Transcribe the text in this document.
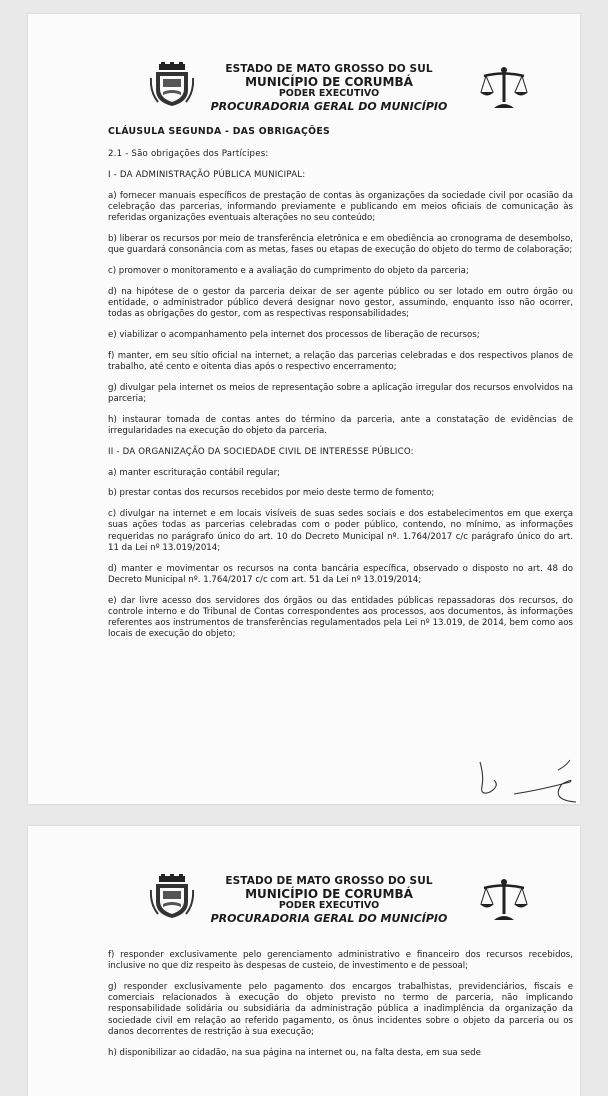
ESTADO DE MATO GROSSO DO SUL
MUNICÍPIO DE CORUMBÁ
PODER EXECUTIVO
PROCURADORIA GERAL DO MUNICÍPIO
CLÁUSULA SEGUNDA - DAS OBRIGAÇÕES
2.1 - São obrigações dos Partícipes:
I - DA ADMINISTRAÇÃO PÚBLICA MUNICIPAL:

a) fornecer manuais específicos de prestação de contas às organizações da sociedade civil por ocasião da celebração das parcerias, informando previamente e publicando em meios oficiais de comunicação às referidas organizações eventuais alterações no seu conteúdo;

b) liberar os recursos por meio de transferência eletrônica e em obediência ao cronograma de desembolso, que guardará consonância com as metas, fases ou etapas de execução do objeto do termo de colaboração;

c) promover o monitoramento e a avaliação do cumprimento do objeto da parceria;

d) na hipótese de o gestor da parceria deixar de ser agente público ou ser lotado em outro órgão ou entidade, o administrador público deverá designar novo gestor, assumindo, enquanto isso não ocorrer, todas as obrigações do gestor, com as respectivas responsabilidades;

e) viabilizar o acompanhamento pela internet dos processos de liberação de recursos;

f) manter, em seu sítio oficial na internet, a relação das parcerias celebradas e dos respectivos planos de trabalho, até cento e oitenta dias após o respectivo encerramento;

g) divulgar pela internet os meios de representação sobre a aplicação irregular dos recursos envolvidos na parceria;

h) instaurar tomada de contas antes do término da parceria, ante a constatação de evidências de irregularidades na execução do objeto da parceria.

II - DA ORGANIZAÇÃO DA SOCIEDADE CIVIL DE INTERESSE PÚBLICO:

a) manter escrituração contábil regular;

b) prestar contas dos recursos recebidos por meio deste termo de fomento;

c) divulgar na internet e em locais visíveis de suas sedes sociais e dos estabelecimentos em que exerça suas ações todas as parcerias celebradas com o poder público, contendo, no mínimo, as informações requeridas no parágrafo único do art. 10 do Decreto Municipal nº. 1.764/2017 c/c parágrafo único do art. 11 da Lei nº 13.019/2014;

d) manter e movimentar os recursos na conta bancária específica, observado o disposto no art. 48 do Decreto Municipal nº. 1.764/2017 c/c com art. 51 da Lei nº 13.019/2014;

e) dar livre acesso dos servidores dos órgãos ou das entidades públicas repassadoras dos recursos, do controle interno e do Tribunal de Contas correspondentes aos processos, aos documentos, às informações referentes aos instrumentos de transferências regulamentados pela Lei nº 13.019, de 2014, bem como aos locais de execução do objeto;

ESTADO DE MATO GROSSO DO SUL
MUNICÍPIO DE CORUMBÁ
PODER EXECUTIVO
PROCURADORIA GERAL DO MUNICÍPIO

f) responder exclusivamente pelo gerenciamento administrativo e financeiro dos recursos recebidos, inclusive no que diz respeito às despesas de custeio, de investimento e de pessoal;

g) responder exclusivamente pelo pagamento dos encargos trabalhistas, previdenciários, fiscais e comerciais relacionados à execução do objeto previsto no termo de parceria, não implicando responsabilidade solidária ou subsidiária da administração pública a inadimplência da organização da sociedade civil em relação ao referido pagamento, os ônus incidentes sobre o objeto da parceria ou os danos decorrentes de restrição à sua execução;

h) disponibilizar ao cidadão, na sua página na internet ou, na falta desta, em sua sede
